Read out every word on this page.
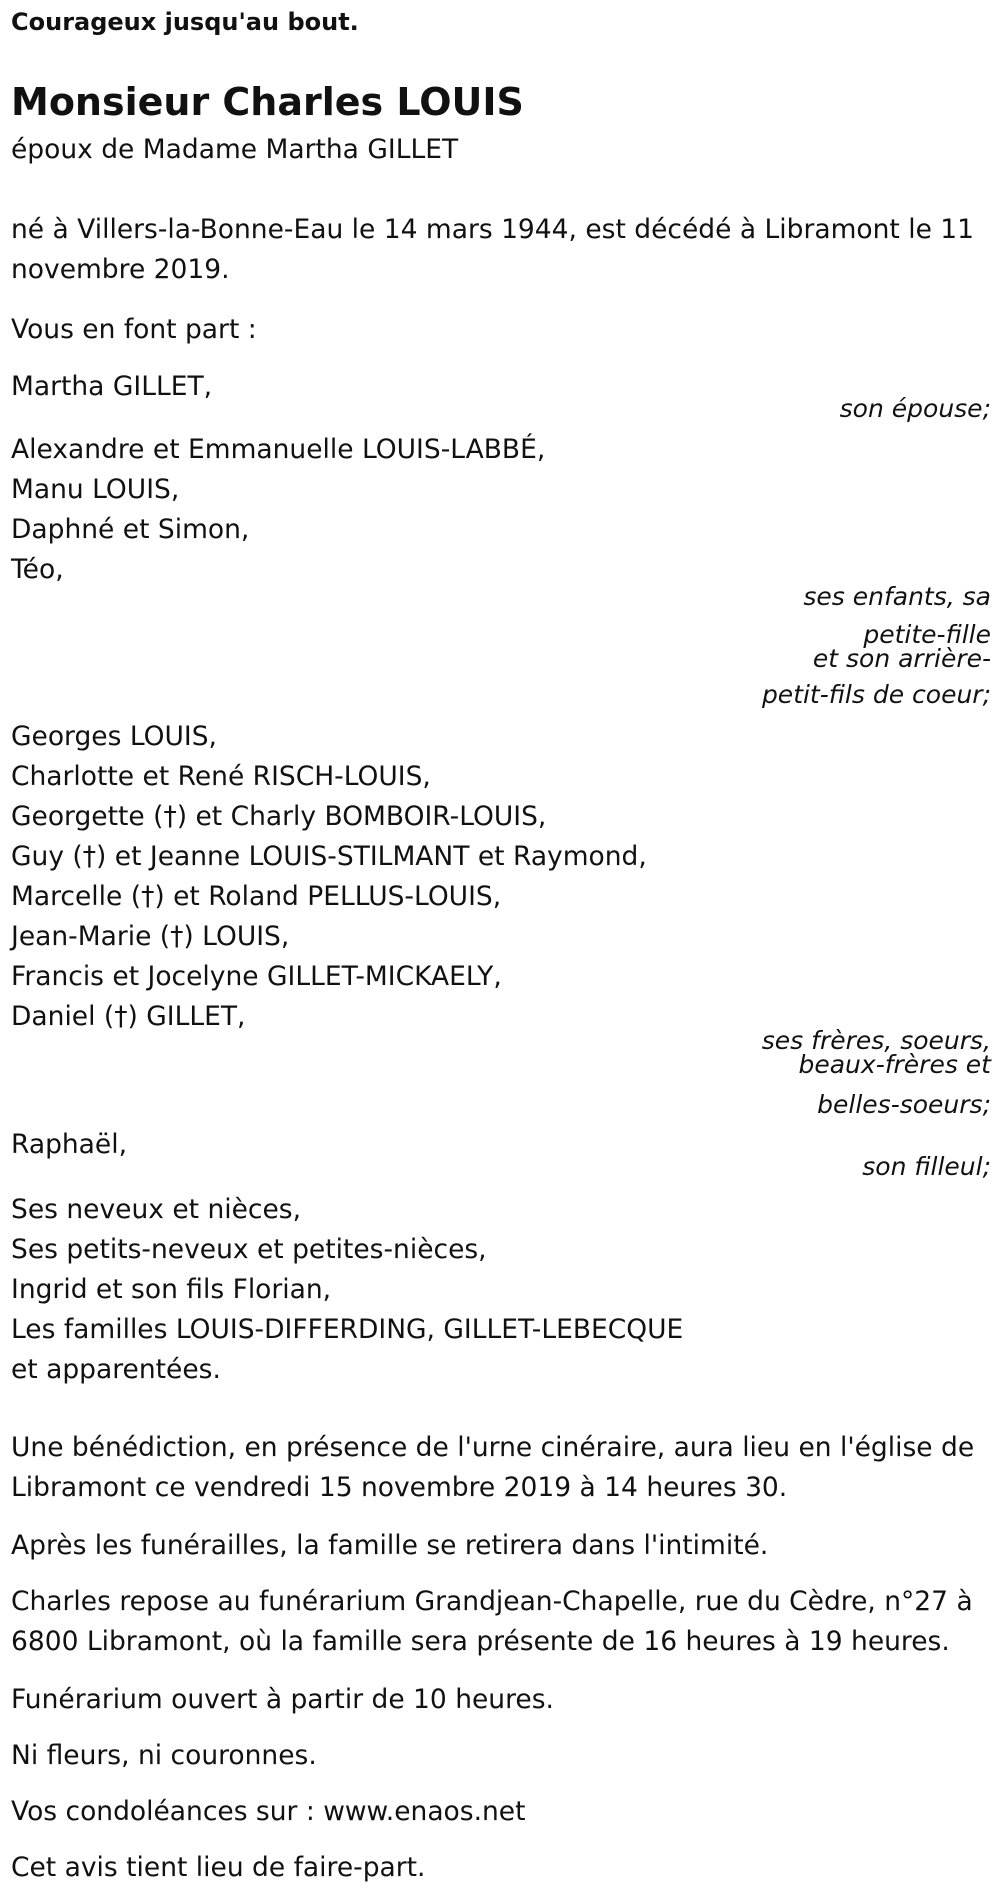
Courageux jusqu'au bout.

Monsieur Charles LOUIS

époux de Madame Martha GILLET

né à Villers-la-Bonne-Eau le 14 mars 1944, est décédé à Libramont le 11 novembre 2019.

Vous en font part :

Martha GILLET,
son épouse;
Alexandre et Emmanuelle LOUIS-LABBÉ,
Manu LOUIS,
Daphné et Simon,
Téo,
ses enfants, sa
petite-fille
et son arrière-
petit-fils de coeur;
Georges LOUIS,
Charlotte et René RISCH-LOUIS,
Georgette (†) et Charly BOMBOIR-LOUIS,
Guy (†) et Jeanne LOUIS-STILMANT et Raymond,
Marcelle (†) et Roland PELLUS-LOUIS,
Jean-Marie (†) LOUIS,
Francis et Jocelyne GILLET-MICKAELY,
Daniel (†) GILLET,
ses frères, soeurs,
beaux-frères et
belles-soeurs;
Raphaël,
son filleul;
Ses neveux et nièces,
Ses petits-neveux et petites-nièces,
Ingrid et son fils Florian,
Les familles LOUIS-DIFFERDING, GILLET-LEBECQUE
et apparentées.

Une bénédiction, en présence de l'urne cinéraire, aura lieu en l'église de Libramont ce vendredi 15 novembre 2019 à 14 heures 30.

Après les funérailles, la famille se retirera dans l'intimité.

Charles repose au funérarium Grandjean-Chapelle, rue du Cèdre, n°27 à 6800 Libramont, où la famille sera présente de 16 heures à 19 heures.

Funérarium ouvert à partir de 10 heures.

Ni fleurs, ni couronnes.

Vos condoléances sur : www.enaos.net

Cet avis tient lieu de faire-part.
